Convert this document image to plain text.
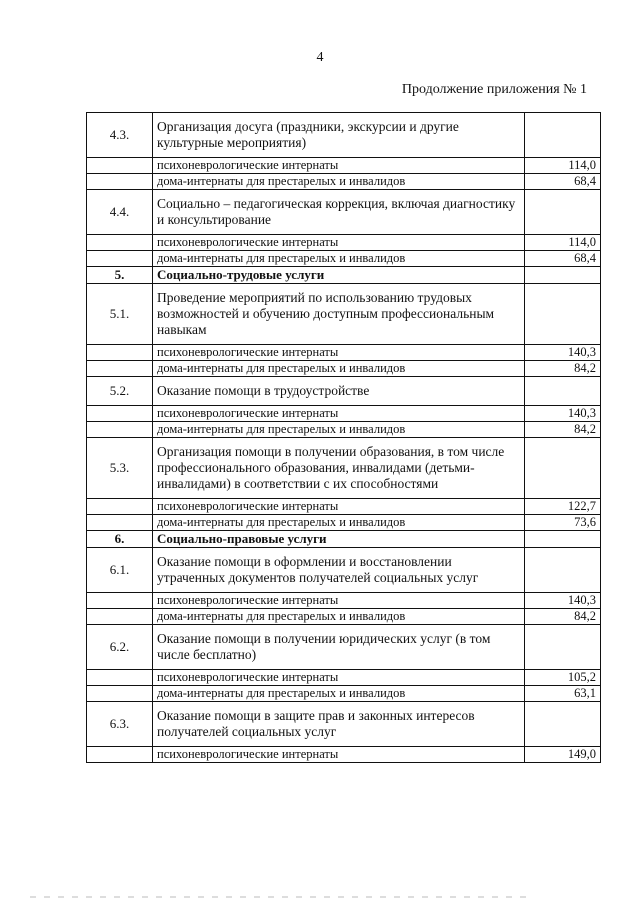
4
Продолжение приложения № 1
4.3.	Организация досуга (праздники, экскурсии и другие культурные мероприятия)	
	психоневрологические интернаты	114,0
	дома-интернаты для престарелых и инвалидов	68,4
4.4.	Социально – педагогическая коррекция, включая диагностику и консультирование	
	психоневрологические интернаты	114,0
	дома-интернаты для престарелых и инвалидов	68,4
5.	Социально-трудовые услуги	
5.1.	Проведение мероприятий по использованию трудовых возможностей и обучению доступным профессиональным навыкам	
	психоневрологические интернаты	140,3
	дома-интернаты для престарелых и инвалидов	84,2
5.2.	Оказание помощи в трудоустройстве	
	психоневрологические интернаты	140,3
	дома-интернаты для престарелых и инвалидов	84,2
5.3.	Организация помощи в получении образования, в том числе профессионального образования, инвалидами (детьми-инвалидами) в соответствии с их способностями	
	психоневрологические интернаты	122,7
	дома-интернаты для престарелых и инвалидов	73,6
6.	Социально-правовые услуги	
6.1.	Оказание помощи в оформлении и восстановлении утраченных документов получателей социальных услуг	
	психоневрологические интернаты	140,3
	дома-интернаты для престарелых и инвалидов	84,2
6.2.	Оказание помощи в получении юридических услуг (в том числе бесплатно)	
	психоневрологические интернаты	105,2
	дома-интернаты для престарелых и инвалидов	63,1
6.3.	Оказание помощи в защите прав и законных интересов получателей социальных услуг	
	психоневрологические интернаты	149,0
